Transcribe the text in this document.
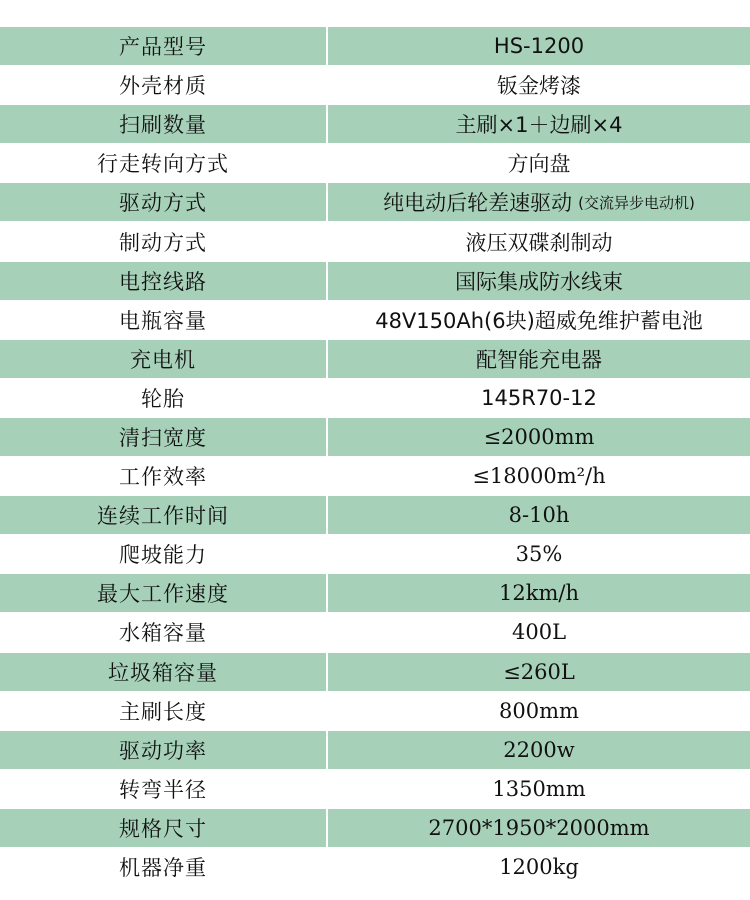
产品型号	HS-1200
外壳材质	钣金烤漆
扫刷数量	主刷×1＋边刷×4
行走转向方式	方向盘
驱动方式	纯电动后轮差速驱动 (交流异步电动机)
制动方式	液压双碟刹制动
电控线路	国际集成防水线束
电瓶容量	48V150Ah(6块)超威免维护蓄电池
充电机	配智能充电器
轮胎	145R70-12
清扫宽度	≤2000mm
工作效率	≤18000m²/h
连续工作时间	8-10h
爬坡能力	35%
最大工作速度	12km/h
水箱容量	400L
垃圾箱容量	≤260L
主刷长度	800mm
驱动功率	2200w
转弯半径	1350mm
规格尺寸	2700*1950*2000mm
机器净重	1200kg
